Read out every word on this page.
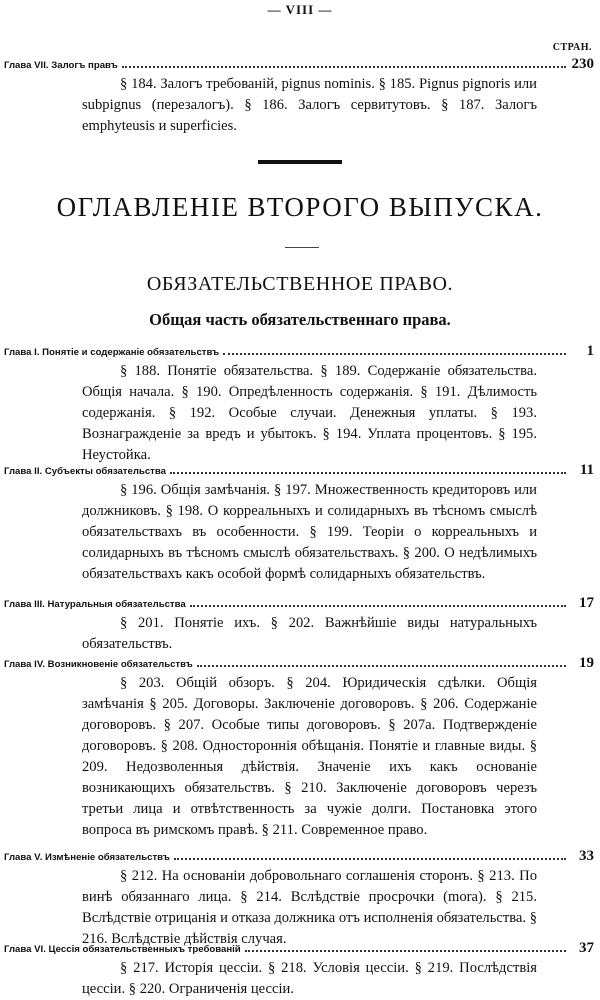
— VIII —
СТРАН.
Глава VII. Залогъ правъ	230
§ 184. Залогъ требованій, pignus nominis. § 185. Pignus pignoris или subpignus (перезалогъ). § 186. Залогъ сервитутовъ. § 187. Залогъ emphyteusis и superficies.
ОГЛАВЛЕНІЕ ВТОРОГО ВЫПУСКА.
ОБЯЗАТЕЛЬСТВЕННОЕ ПРАВО.
Общая часть обязательственнаго права.
Глава I. Понятіе и содержаніе обязательствъ	1
§ 188. Понятіе обязательства. § 189. Содержаніе обязательства. Общія начала. § 190. Опредѣленность содержанія. § 191. Дѣлимость содержанія. § 192. Особые случаи. Денежныя уплаты. § 193. Вознагражденіе за вредъ и убытокъ. § 194. Уплата процентовъ. § 195. Неустойка.
Глава II. Субъекты обязательства	11
§ 196. Общія замѣчанія. § 197. Множественность кредиторовъ или должниковъ. § 198. О корреальныхъ и солидарныхъ въ тѣсномъ смыслѣ обязательствахъ въ особенности. § 199. Теоріи о корреальныхъ и солидарныхъ въ тѣсномъ смыслѣ обязательствахъ. § 200. О недѣлимыхъ обязательствахъ какъ особой формѣ солидарныхъ обязательствъ.
Глава III. Натуральныя обязательства	17
§ 201. Понятіе ихъ. § 202. Важнѣйшіе виды натуральныхъ обязательствъ.
Глава IV. Возникновеніе обязательствъ	19
§ 203. Общій обзоръ. § 204. Юридическія сдѣлки. Общія замѣчанія § 205. Договоры. Заключеніе договоровъ. § 206. Содержаніе договоровъ. § 207. Особые типы договоровъ. § 207a. Подтвержденіе договоровъ. § 208. Одностороннія обѣщанія. Понятіе и главные виды. § 209. Недозволенныя дѣйствія. Значеніе ихъ какъ основаніе возникающихъ обязательствъ. § 210. Заключеніе договоровъ черезъ третьи лица и отвѣтственность за чужіе долги. Постановка этого вопроса въ римскомъ правѣ. § 211. Современное право.
Глава V. Измѣненіе обязательствъ	33
§ 212. На основаніи добровольнаго соглашенія сторонъ. § 213. По винѣ обязаннаго лица. § 214. Вслѣдствіе просрочки (mora). § 215. Вслѣдствіе отрицанія и отказа должника отъ исполненія обязательства. § 216. Вслѣдствіе дѣйствія случая.
Глава VI. Цессія обязательственныхъ требованій	37
§ 217. Исторія цессіи. § 218. Условія цессіи. § 219. Послѣдствія цессіи. § 220. Ограниченія цессіи.
